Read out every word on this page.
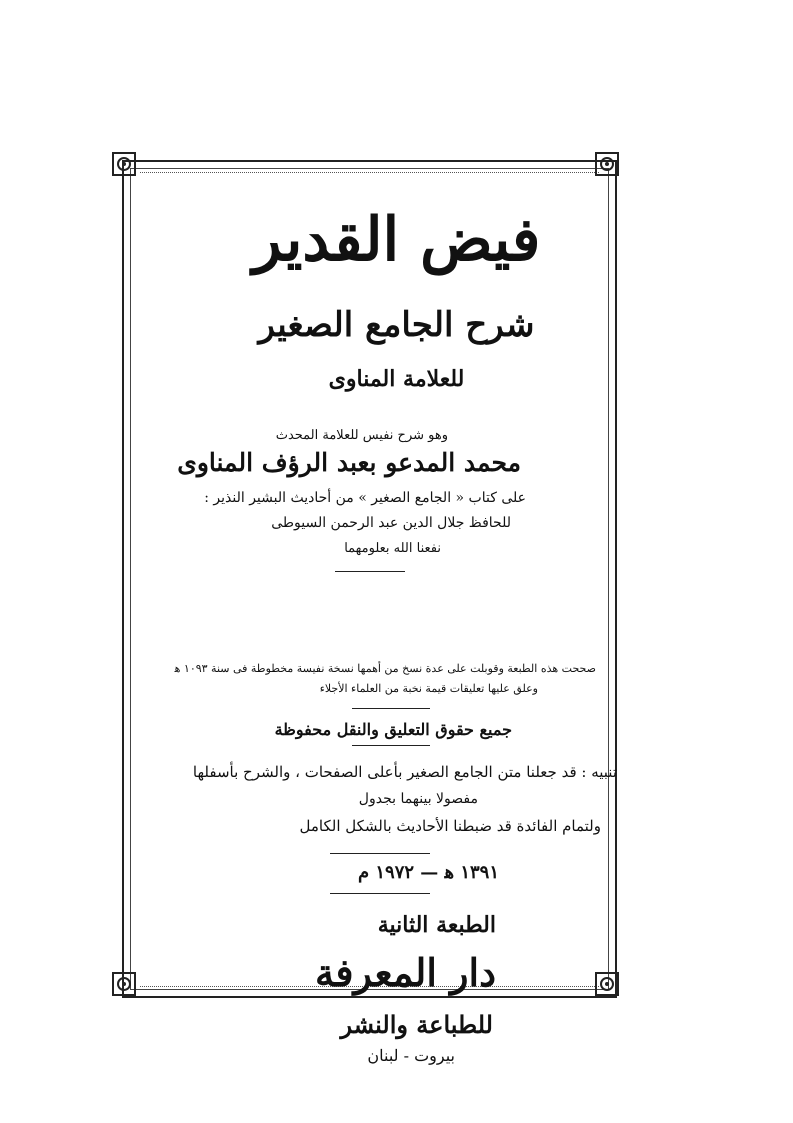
فيض القدير
شرح الجامع الصغير
للعلامة المناوى
وهو شرح نفيس للعلامة المحدث
محمد المدعو بعبد الرؤف المناوى
على كتاب « الجامع الصغير » من أحاديث البشير النذير :
للحافظ جلال الدين عبد الرحمن السيوطى
نفعنا الله بعلومهما
صححت هذه الطبعة وقوبلت على عدة نسخ من أهمها نسخة نفيسة مخطوطة فى سنة ١٠٩٣ ﻫ
وعلق عليها تعليقات قيمة نخبة من العلماء الأجلاء
جميع حقوق التعليق والنقل محفوظة
تنبيه : قد جعلنا متن الجامع الصغير بأعلى الصفحات ، والشرح بأسفلها
مفصولا بينهما بجدول
ولتمام الفائدة قد ضبطنا الأحاديث بالشكل الكامل
١٣٩١ ﻫ — ١٩٧٢ م
الطبعة الثانية
دار المعرفة
للطباعة والنشر
بيروت - لبنان
